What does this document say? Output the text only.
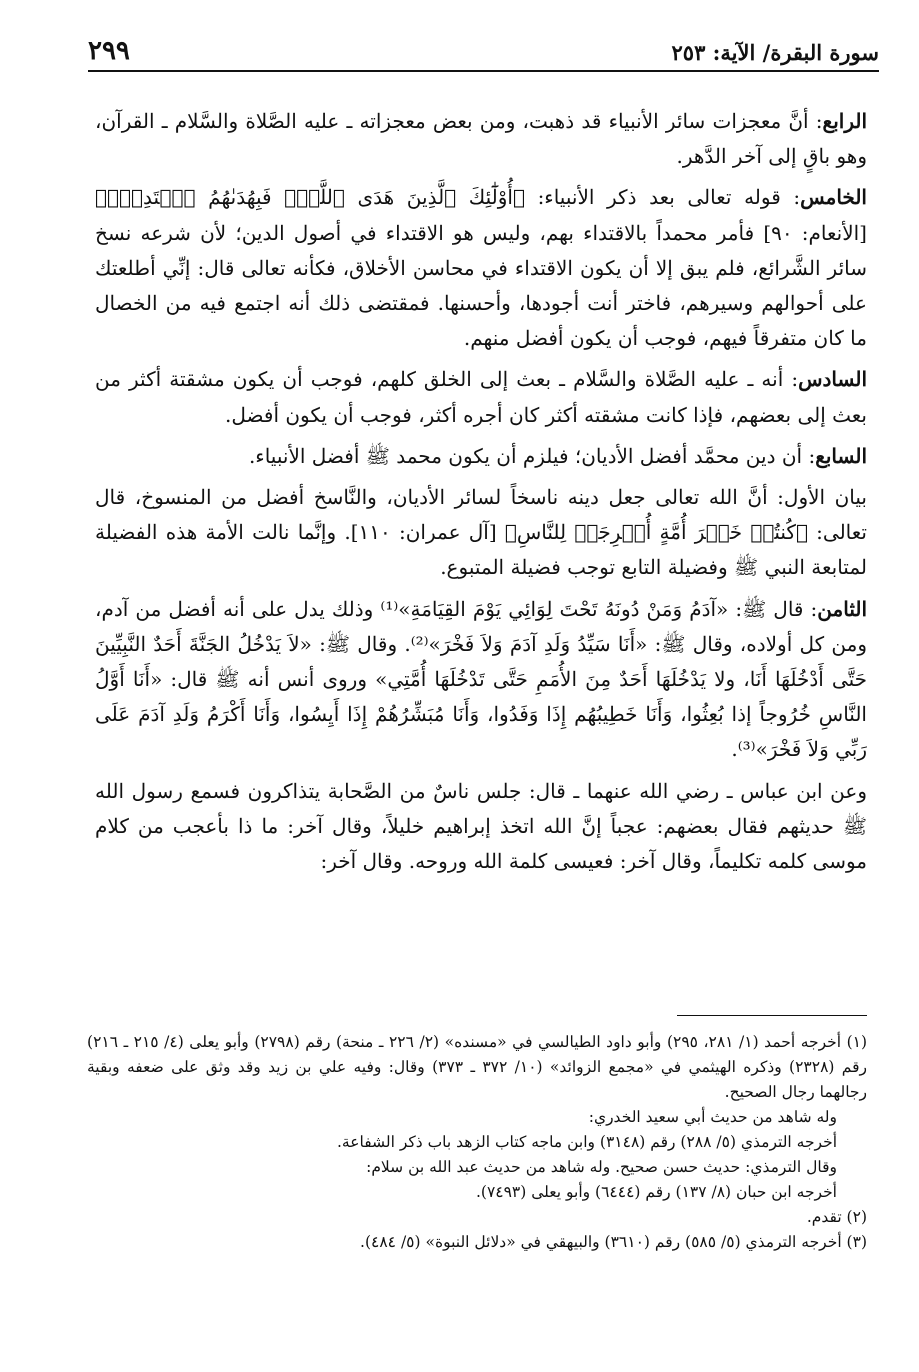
سورة البقرة/ الآية: ٢٥٣
٢٩٩

الرابع: أنَّ معجزات سائر الأنبياء قد ذهبت، ومن بعض معجزاته ـ عليه الصَّلاة والسَّلام ـ القرآن، وهو باقٍ إلى آخر الدَّهر.

الخامس: قوله تعالى بعد ذكر الأنبياء: ﴿أُوْلَٰٓئِكَ ٱلَّذِينَ هَدَى ٱللَّهُۖ فَبِهُدَىٰهُمُ ٱقۡتَدِهۡۗ﴾ [الأنعام: ٩٠] فأمر محمداً بالاقتداء بهم، وليس هو الاقتداء في أصول الدين؛ لأن شرعه نسخ سائر الشَّرائع، فلم يبق إلا أن يكون الاقتداء في محاسن الأخلاق، فكأنه تعالى قال: إنِّي أطلعتك على أحوالهم وسيرهم، فاختر أنت أجودها، وأحسنها. فمقتضى ذلك أنه اجتمع فيه من الخصال ما كان متفرقاً فيهم، فوجب أن يكون أفضل منهم.

السادس: أنه ـ عليه الصَّلاة والسَّلام ـ بعث إلى الخلق كلهم، فوجب أن يكون مشقتة أكثر من بعث إلى بعضهم، فإذا كانت مشقته أكثر كان أجره أكثر، فوجب أن يكون أفضل.

السابع: أن دين محمَّد أفضل الأديان؛ فيلزم أن يكون محمد ﷺ أفضل الأنبياء.

بيان الأول: أنَّ الله تعالى جعل دينه ناسخاً لسائر الأديان، والنَّاسخ أفضل من المنسوخ، قال تعالى: ﴿كُنتُمۡ خَيۡرَ أُمَّةٍ أُخۡرِجَتۡ لِلنَّاسِ﴾ [آل عمران: ١١٠]. وإنَّما نالت الأمة هذه الفضيلة لمتابعة النبي ﷺ وفضيلة التابع توجب فضيلة المتبوع.

الثامن: قال ﷺ: «آدَمُ وَمَنْ دُونَهُ تَحْتَ لِوَائِي يَوْمَ القِيَامَةِ»⁽¹⁾ وذلك يدل على أنه أفضل من آدم، ومن كل أولاده، وقال ﷺ: «أَنَا سَيِّدُ وَلَدِ آدَمَ وَلاَ فَخْرَ»⁽²⁾. وقال ﷺ: «لاَ يَدْخُلُ الجَنَّةَ أَحَدٌ النَّبِيِّينَ حَتَّى أَدْخُلَهَا أَنَا، ولا يَدْخُلَهَا أَحَدٌ مِنَ الأُمَمِ حَتَّى تَدْخُلَهَا أُمَّتِي» وروى أنس أنه ﷺ قال: «أَنَا أَوَّلُ النَّاسِ خُرُوجاً إذا بُعِثُوا، وَأَنَا خَطِيبُهُم إِذَا وَفَدُوا، وَأَنَا مُبَشِّرُهُمْ إِذَا أَيِسُوا، وَأَنَا أَكْرَمُ وَلَدِ آدَمَ عَلَى رَبِّي وَلاَ فَخْرَ»⁽³⁾.

وعن ابن عباس ـ رضي الله عنهما ـ قال: جلس ناسٌ من الصَّحابة يتذاكرون فسمع رسول الله ﷺ حديثهم فقال بعضهم: عجباً إنَّ الله اتخذ إبراهيم خليلاً، وقال آخر: ما ذا بأعجب من كلام موسى كلمه تكليماً، وقال آخر: فعيسى كلمة الله وروحه. وقال آخر:

(١) أخرجه أحمد (١/ ٢٨١، ٢٩٥) وأبو داود الطيالسي في «مسنده» (٢/ ٢٢٦ ـ منحة) رقم (٢٧٩٨) وأبو يعلى (٤/ ٢١٥ ـ ٢١٦) رقم (٢٣٢٨) وذكره الهيثمي في «مجمع الزوائد» (١٠/ ٣٧٢ ـ ٣٧٣) وقال: وفيه علي بن زيد وقد وثق على ضعفه وبقية رجالهما رجال الصحيح.

وله شاهد من حديث أبي سعيد الخدري:

أخرجه الترمذي (٥/ ٢٨٨) رقم (٣١٤٨) وابن ماجه كتاب الزهد باب ذكر الشفاعة.

وقال الترمذي: حديث حسن صحيح. وله شاهد من حديث عبد الله بن سلام:

أخرجه ابن حبان (٨/ ١٣٧) رقم (٦٤٤٤) وأبو يعلى (٧٤٩٣).

(٢) تقدم.

(٣) أخرجه الترمذي (٥/ ٥٨٥) رقم (٣٦١٠) والبيهقي في «دلائل النبوة» (٥/ ٤٨٤).
